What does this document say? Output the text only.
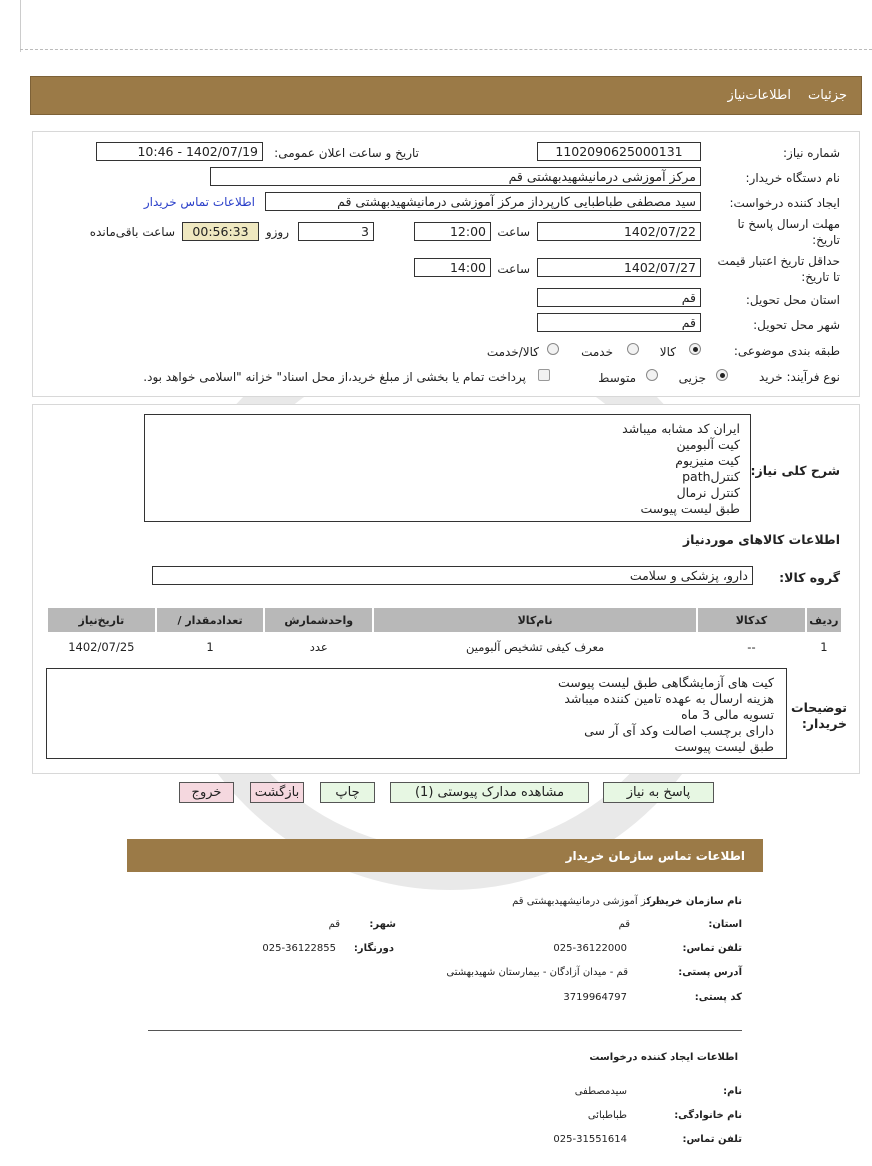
جزئیات
اطلاعات‌نیاز
شماره نیاز:
1102090625000131
تاریخ و ساعت اعلان عمومی:
1402/07/19 - 10:46
نام دستگاه خریدار:
مرکز آموزشی درمانیشهیدبهشتی قم
ایجاد کننده درخواست:
سید مصطفی طباطبایی کارپرداز مرکز آموزشی درمانیشهیدبهشتی قم
اطلاعات تماس خریدار
مهلت ارسال پاسخ تا
تاریخ:
1402/07/22
ساعت
12:00
3
روزو
00:56:33
ساعت باقی‌مانده
حداقل تاریخ اعتبار قیمت
تا تاریخ:
1402/07/27
ساعت
14:00
استان محل تحویل:
قم
شهر محل تحویل:
قم
طبقه بندی موضوعی:
کالا
خدمت
کالا/خدمت
نوع فرآیند: خرید
جزیی
متوسط
پرداخت تمام یا بخشی از مبلغ خرید،از محل اسناد" خزانه "اسلامی خواهد بود.
شرح کلی نیاز:
ایران کد مشابه میباشد
کیت آلبومین
کیت منیزیوم
کنترلpath
کنترل نرمال
طبق لیست پیوست
اطلاعات کالاهای موردنیاز
گروه کالا:
دارو، پزشکی و سلامت
ردیف	کدکالا	نام‌کالا	واحدشمارش	تعدادمقدار /	تاریخ‌نیاز
1	--	معرف کیفی تشخیص آلبومین	عدد	1	1402/07/25
توضیحات
خریدار:
کیت های آزمایشگاهی طبق لیست پیوست
هزینه ارسال به عهده تامین کننده میباشد
تسویه مالی 3 ماه
دارای برچسب اصالت وکد آی آر سی
طبق لیست پیوست
پاسخ به نیاز
مشاهده مدارک پیوستی (1)
چاپ
بازگشت
خروج
اطلاعات تماس سازمان خریدار
نام سازمان خریدار:
مرکز آموزشی درمانیشهیدبهشتی قم
استان:
قم
شهر:
قم
تلفن تماس:
025-36122000
دورنگار:
025-36122855
آدرس پستی:
قم - میدان آزادگان - بیمارستان شهیدبهشتی
کد پستی:
3719964797
اطلاعات ایجاد کننده درخواست
نام:
سیدمصطفی
نام خانوادگی:
طباطبائی
تلفن تماس:
025-31551614
